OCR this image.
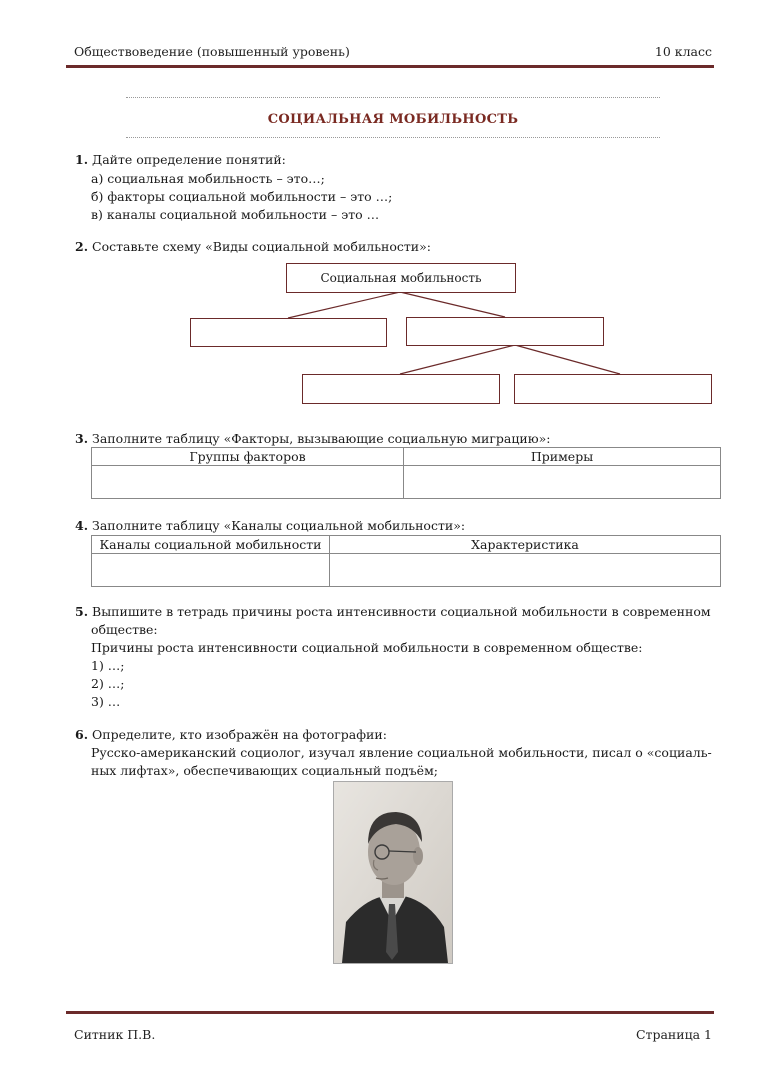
Обществоведение (повышенный уровень)	10 класс
СОЦИАЛЬНАЯ МОБИЛЬНОСТЬ
1. Дайте определение понятий:
а) социальная мобильность – это…;
б) факторы социальной мобильности – это …;
в) каналы социальной мобильности – это …
2. Составьте схему «Виды социальной мобильности»:
Социальная мобильность
3. Заполните таблицу «Факторы, вызывающие социальную миграцию»:
Группы факторов	Примеры

4. Заполните таблицу «Каналы социальной мобильности»:
Каналы социальной мобильности	Характеристика

5. Выпишите в тетрадь причины роста интенсивности социальной мобильности в современном
обществе:
Причины роста интенсивности социальной мобильности в современном обществе:
1) …;
2) …;
3) …
6. Определите, кто изображён на фотографии:
Русско-американский социолог, изучал явление социальной мобильности, писал о «социаль-
ных лифтах», обеспечивающих социальный подъём;
Ситник П.В.	Страница 1
